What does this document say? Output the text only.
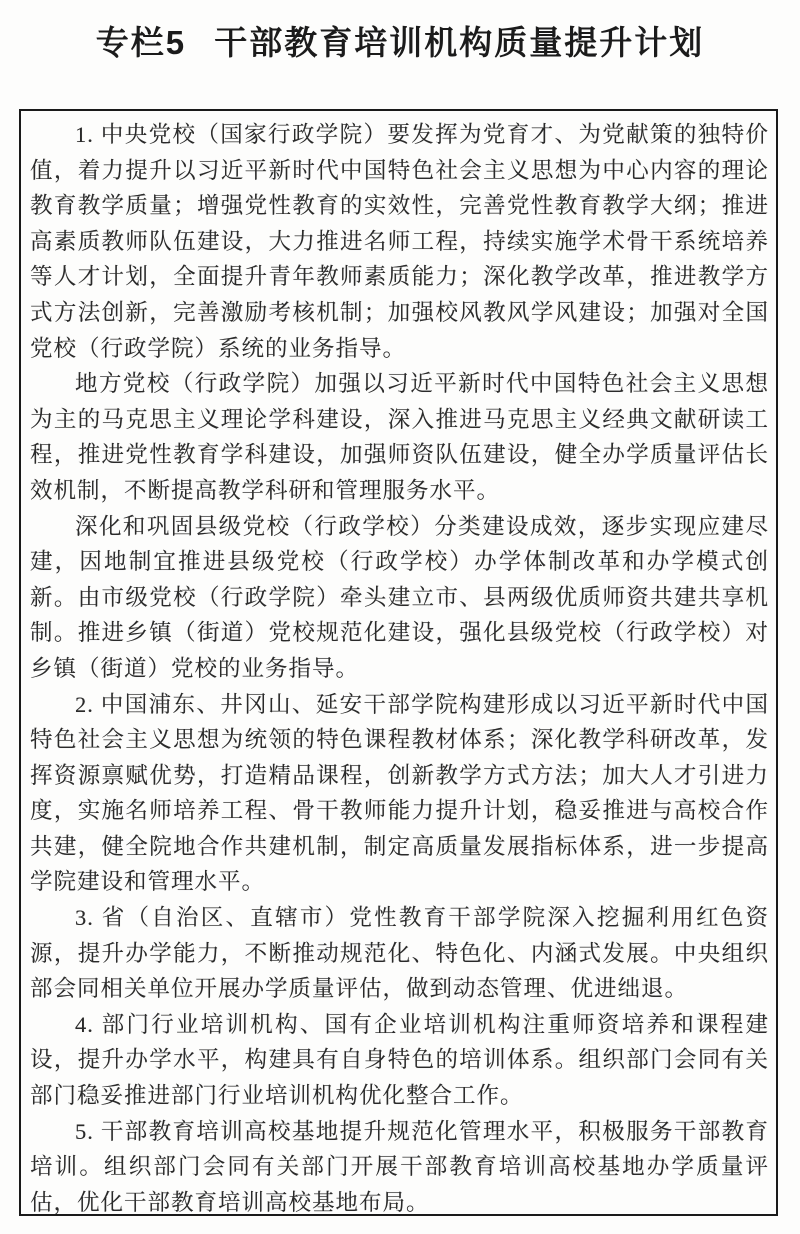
专栏5 干部教育培训机构质量提升计划

1. 中央党校（国家行政学院）要发挥为党育才、为党献策的独特价值，着力提升以习近平新时代中国特色社会主义思想为中心内容的理论教育教学质量；增强党性教育的实效性，完善党性教育教学大纲；推进高素质教师队伍建设，大力推进名师工程，持续实施学术骨干系统培养等人才计划，全面提升青年教师素质能力；深化教学改革，推进教学方式方法创新，完善激励考核机制；加强校风教风学风建设；加强对全国党校（行政学院）系统的业务指导。

地方党校（行政学院）加强以习近平新时代中国特色社会主义思想为主的马克思主义理论学科建设，深入推进马克思主义经典文献研读工程，推进党性教育学科建设，加强师资队伍建设，健全办学质量评估长效机制，不断提高教学科研和管理服务水平。

深化和巩固县级党校（行政学校）分类建设成效，逐步实现应建尽建，因地制宜推进县级党校（行政学校）办学体制改革和办学模式创新。由市级党校（行政学院）牵头建立市、县两级优质师资共建共享机制。推进乡镇（街道）党校规范化建设，强化县级党校（行政学校）对乡镇（街道）党校的业务指导。

2. 中国浦东、井冈山、延安干部学院构建形成以习近平新时代中国特色社会主义思想为统领的特色课程教材体系；深化教学科研改革，发挥资源禀赋优势，打造精品课程，创新教学方式方法；加大人才引进力度，实施名师培养工程、骨干教师能力提升计划，稳妥推进与高校合作共建，健全院地合作共建机制，制定高质量发展指标体系，进一步提高学院建设和管理水平。

3. 省（自治区、直辖市）党性教育干部学院深入挖掘利用红色资源，提升办学能力，不断推动规范化、特色化、内涵式发展。中央组织部会同相关单位开展办学质量评估，做到动态管理、优进绌退。

4. 部门行业培训机构、国有企业培训机构注重师资培养和课程建设，提升办学水平，构建具有自身特色的培训体系。组织部门会同有关部门稳妥推进部门行业培训机构优化整合工作。

5. 干部教育培训高校基地提升规范化管理水平，积极服务干部教育培训。组织部门会同有关部门开展干部教育培训高校基地办学质量评估，优化干部教育培训高校基地布局。
